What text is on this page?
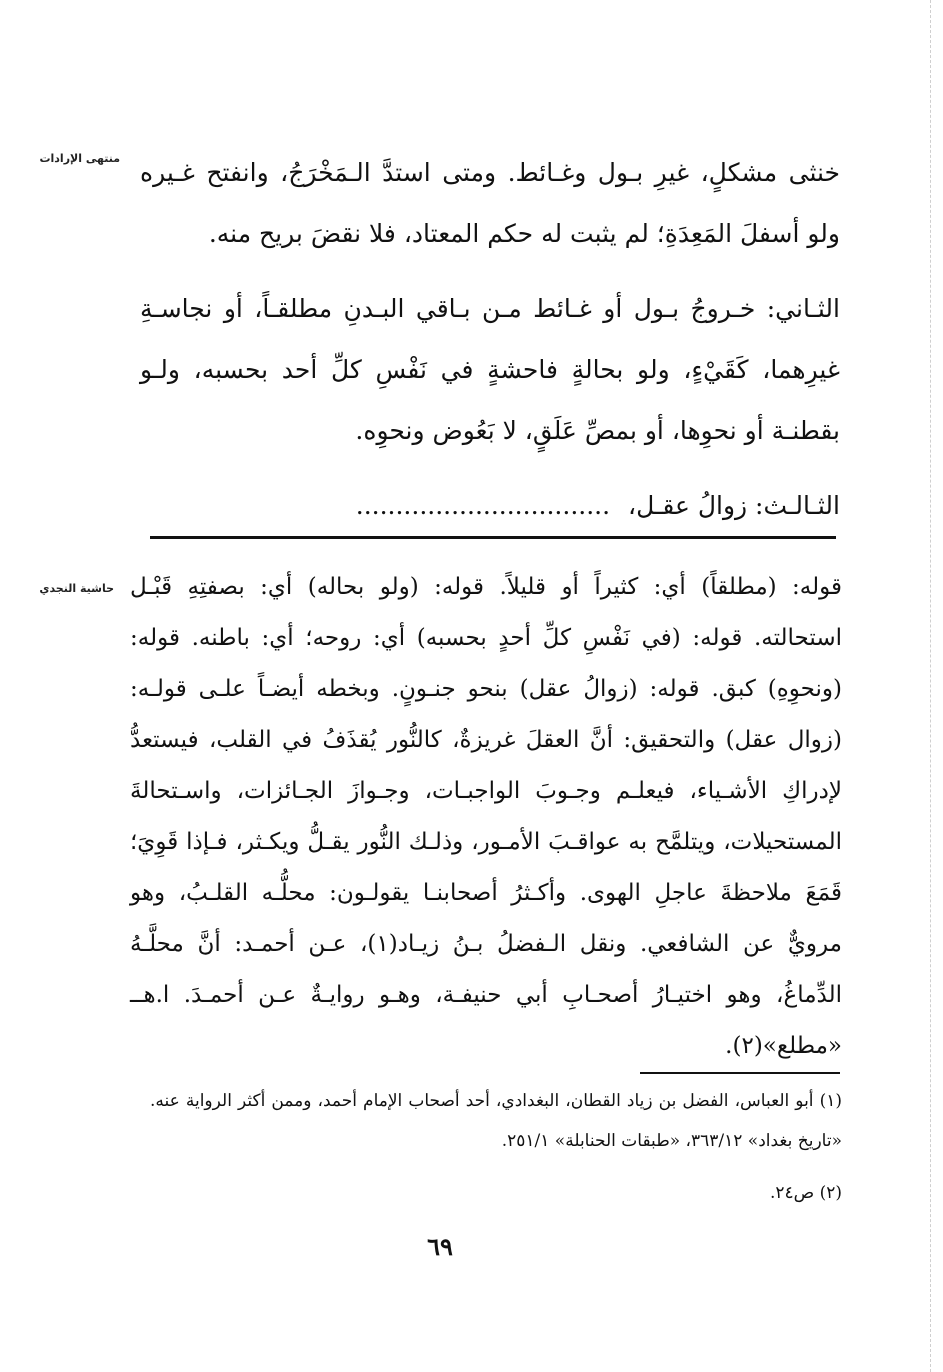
منتهى الإرادات خنثى مشكلٍ، غيرِ بـول وغـائط. ومتى استدَّ الـمَخْرَجُ، وانفتح غـيره ولو أسفلَ المَعِدَةِ؛ لم يثبت له حكم المعتاد، فلا نقضَ بريح منه.

الثـاني: خـروجُ بـول أو غـائط مـن بـاقي البـدنِ مطلقـاً، أو نجاسـةِ غيرِهما، كَقَيْءٍ، ولو بحالةٍ فاحشةٍ في نَفْسِ كلِّ أحد بحسبه، ولـو بقطنـة أو نحوِها، أو بمصِّ عَلَقٍ، لا بَعُوض ونحوِه.

الثـالـث: زوالُ عقـل، ................................

حاشية النجدي قوله: (مطلقاً) أي: كثيراً أو قليلاً. قوله: (ولو بحاله) أي: بصفتِهِ قَبْـل استحالته. قوله: (في نَفْسِ كلِّ أحدٍ بحسبه) أي: روحه؛ أي: باطنه. قوله: (ونحوِهِ) كبق. قوله: (زوالُ عقل) بنحو جنـونٍ. وبخطه أيضـاً علـى قولـه: (زوال عقل) والتحقيق: أنَّ العقلَ غريزةٌ، كالنُّور يُقذَفُ في القلب، فيستعدُّ لإدراكِ الأشـياء، فيعلـم وجـوبَ الواجبـات، وجـوازَ الجـائزات، واسـتحالةَ المستحيلات، ويتلمَّح به عواقـبَ الأمـور، وذلـك النُّور يقـلُّ ويكـثر، فـإذا قَوِيَ؛ قَمَعَ ملاحظةَ عاجلِ الهوى. وأكـثرُ أصحابنـا يقولـون: محلُّـه القلـبُ، وهو مرويٌّ عن الشافعي. ونقل الـفضلُ بـنُ زيـاد(١)، عـن أحمـد: أنَّ محلَّـهُ الدِّماغُ، وهو اختيـارُ أصحـابِ أبي حنيفـة، وهـو روايـةٌ عـن أحمـدَ. ا.هــ «مطلع»(٢).

(١) أبو العباس، الفضل بن زياد القطان، البغدادي، أحد أصحاب الإمام أحمد، وممن أكثر الرواية عنه. «تاريخ بغداد» ٣٦٣/١٢، «طبقات الحنابلة» ٢٥١/١.

(٢) ص٢٤.

٦٩
